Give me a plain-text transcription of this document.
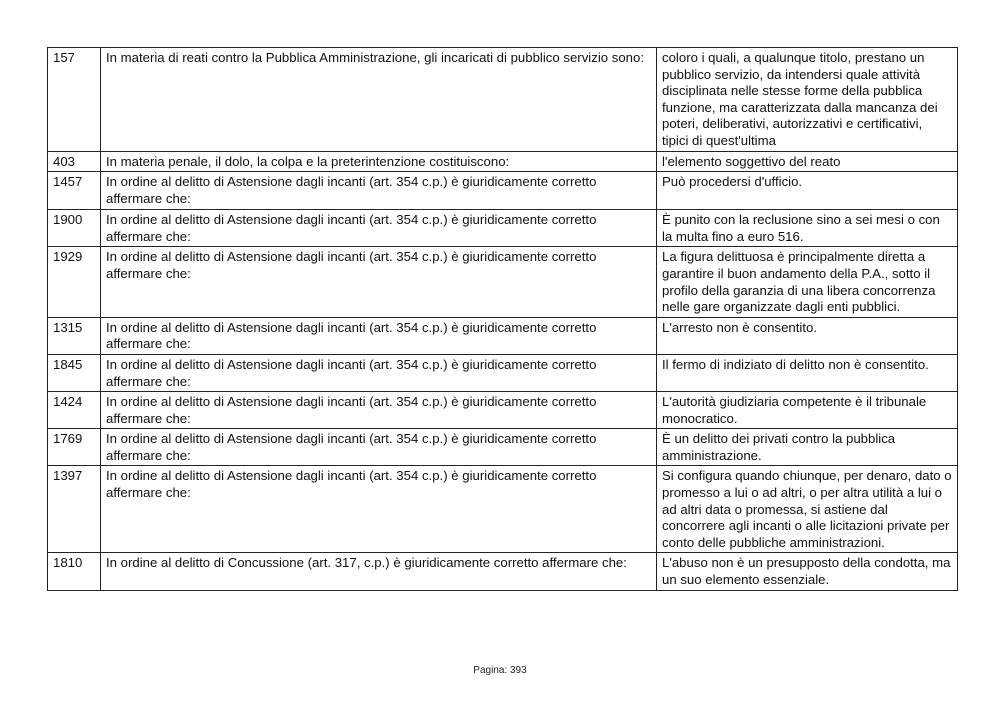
157	In materia di reati contro la Pubblica Amministrazione, gli incaricati di pubblico servizio sono:	coloro i quali, a qualunque titolo, prestano un pubblico servizio, da intendersi quale attività disciplinata nelle stesse forme della pubblica funzione, ma caratterizzata dalla mancanza dei poteri, deliberativi, autorizzativi e certificativi, tipici di quest'ultima
403	In materia penale, il dolo, la colpa e la preterintenzione costituiscono:	l'elemento soggettivo del reato
1457	In ordine al delitto di Astensione dagli incanti (art. 354 c.p.) è giuridicamente corretto affermare che:	Può procedersi d'ufficio.
1900	In ordine al delitto di Astensione dagli incanti (art. 354 c.p.) è giuridicamente corretto affermare che:	È punito con la reclusione sino a sei mesi o con la multa fino a euro 516.
1929	In ordine al delitto di Astensione dagli incanti (art. 354 c.p.) è giuridicamente corretto affermare che:	La figura delittuosa è principalmente diretta a garantire il buon andamento della P.A., sotto il profilo della garanzia di una libera concorrenza nelle gare organizzate dagli enti pubblici.
1315	In ordine al delitto di Astensione dagli incanti (art. 354 c.p.) è giuridicamente corretto affermare che:	L'arresto non è consentito.
1845	In ordine al delitto di Astensione dagli incanti (art. 354 c.p.) è giuridicamente corretto affermare che:	Il fermo di indiziato di delitto non è consentito.
1424	In ordine al delitto di Astensione dagli incanti (art. 354 c.p.) è giuridicamente corretto affermare che:	L'autorità giudiziaria competente è il tribunale monocratico.
1769	In ordine al delitto di Astensione dagli incanti (art. 354 c.p.) è giuridicamente corretto affermare che:	È un delitto dei privati contro la pubblica amministrazione.
1397	In ordine al delitto di Astensione dagli incanti (art. 354 c.p.) è giuridicamente corretto affermare che:	Si configura quando chiunque, per denaro, dato o promesso a lui o ad altri, o per altra utilità a lui o ad altri data o promessa, si astiene dal concorrere agli incanti o alle licitazioni private per conto delle pubbliche amministrazioni.
1810	In ordine al delitto di Concussione (art. 317, c.p.) è giuridicamente corretto affermare che:	L'abuso non è un presupposto della condotta, ma un suo elemento essenziale.
Pagina: 393
